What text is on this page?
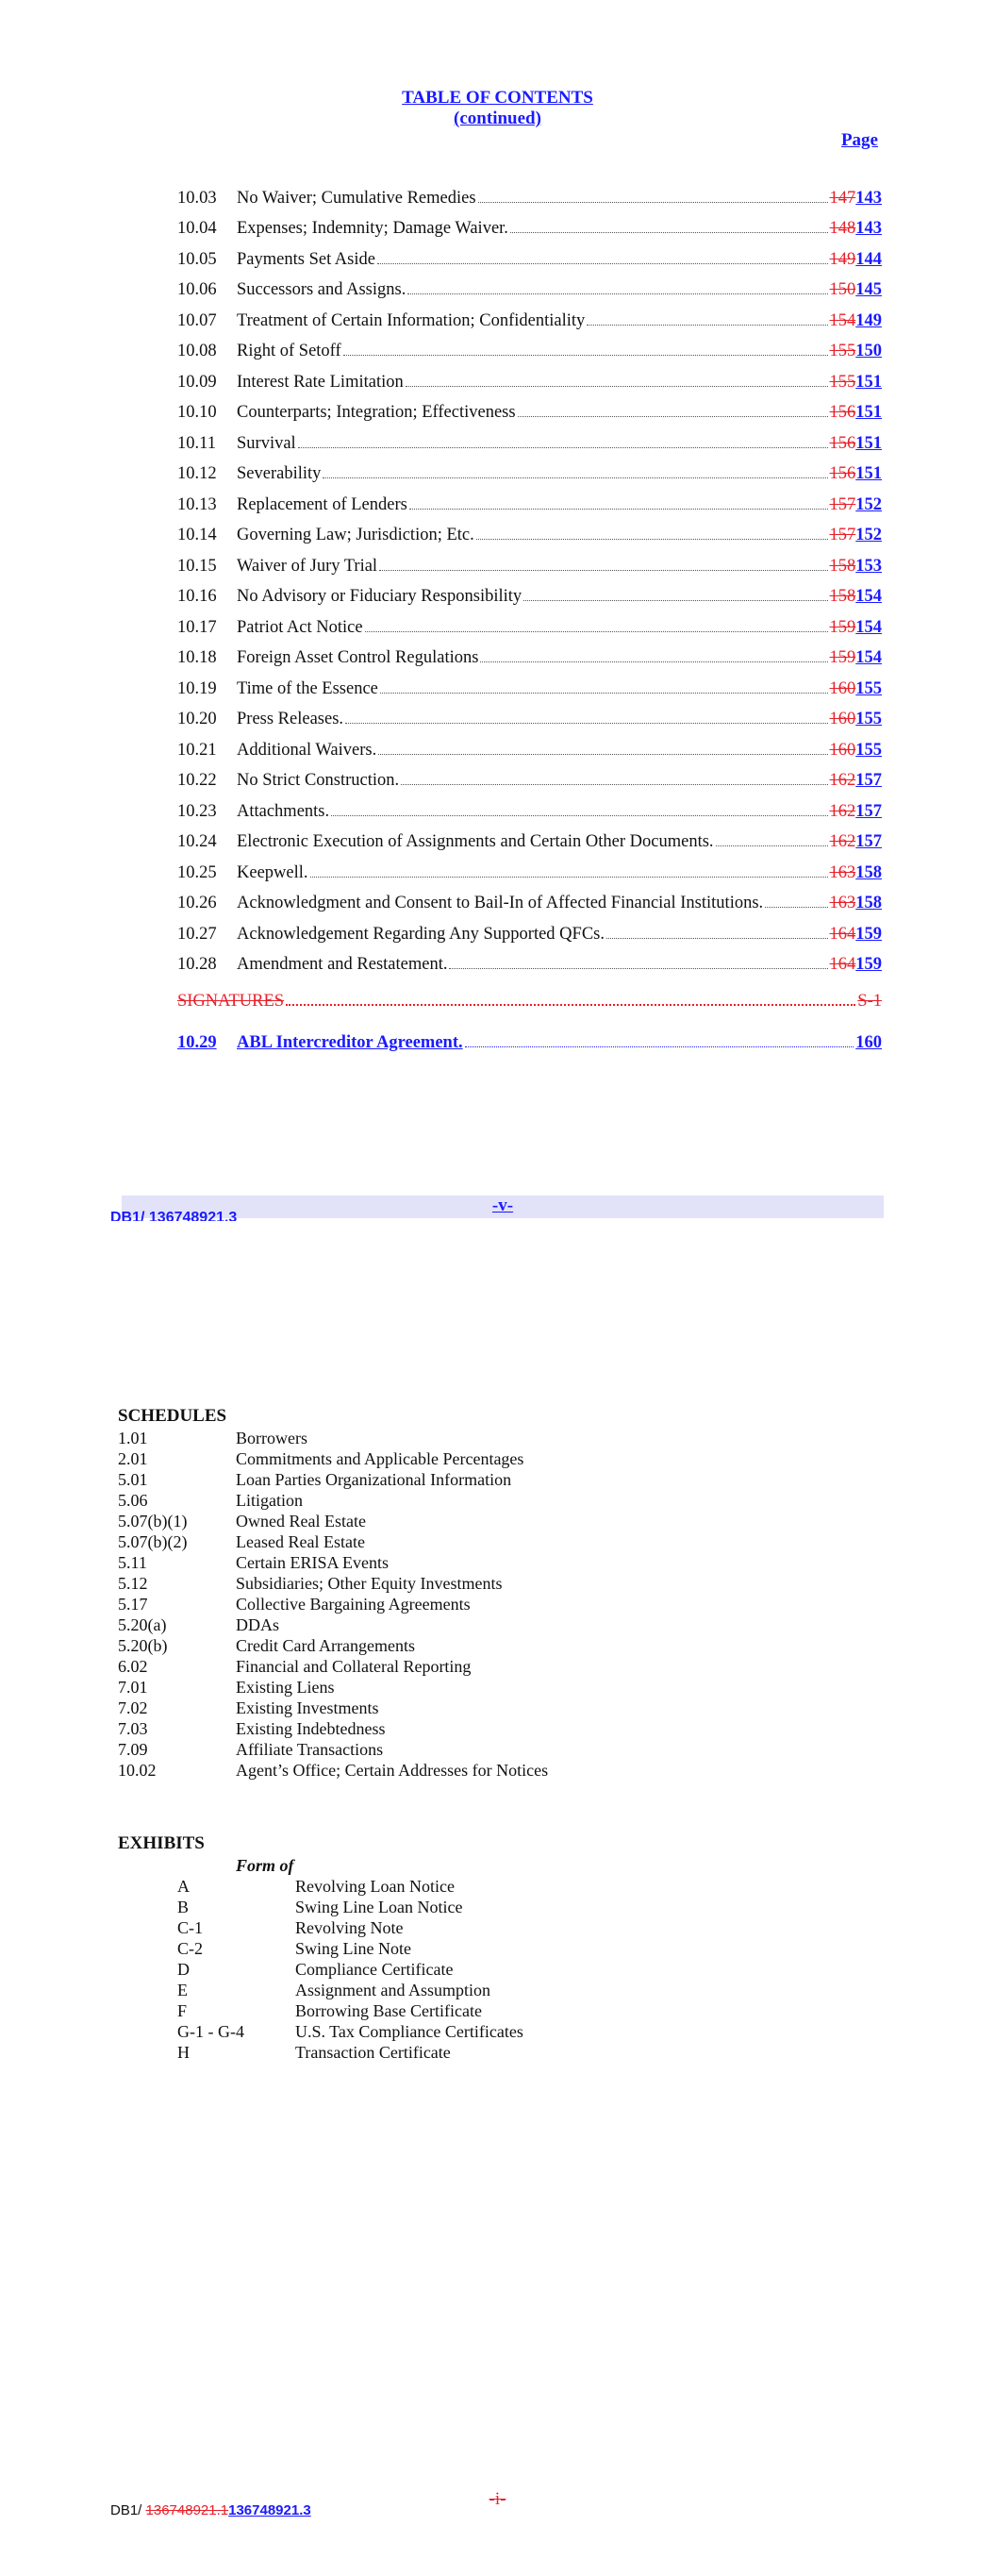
TABLE OF CONTENTS
(continued)
Page
10.03	No Waiver; Cumulative Remedies	147 143
10.04	Expenses; Indemnity; Damage Waiver.	148 143
10.05	Payments Set Aside	149 144
10.06	Successors and Assigns.	150 145
10.07	Treatment of Certain Information; Confidentiality	154 149
10.08	Right of Setoff	155 150
10.09	Interest Rate Limitation	155 151
10.10	Counterparts; Integration; Effectiveness	156 151
10.11	Survival	156 151
10.12	Severability	156 151
10.13	Replacement of Lenders	157 152
10.14	Governing Law; Jurisdiction; Etc.	157 152
10.15	Waiver of Jury Trial	158 153
10.16	No Advisory or Fiduciary Responsibility	158 154
10.17	Patriot Act Notice	159 154
10.18	Foreign Asset Control Regulations	159 154
10.19	Time of the Essence	160 155
10.20	Press Releases.	160 155
10.21	Additional Waivers.	160 155
10.22	No Strict Construction.	162 157
10.23	Attachments.	162 157
10.24	Electronic Execution of Assignments and Certain Other Documents.	162 157
10.25	Keepwell.	163 158
10.26	Acknowledgment and Consent to Bail-In of Affected Financial Institutions.	163 158
10.27	Acknowledgement Regarding Any Supported QFCs.	164 159
10.28	Amendment and Restatement.	164 159
SIGNATURES	S-1
10.29	ABL Intercreditor Agreement.	160
-v-
DB1/ 136748921.3
SCHEDULES
1.01	Borrowers
2.01	Commitments and Applicable Percentages
5.01	Loan Parties Organizational Information
5.06	Litigation
5.07(b)(1)	Owned Real Estate
5.07(b)(2)	Leased Real Estate
5.11	Certain ERISA Events
5.12	Subsidiaries; Other Equity Investments
5.17	Collective Bargaining Agreements
5.20(a)	DDAs
5.20(b)	Credit Card Arrangements
6.02	Financial and Collateral Reporting
7.01	Existing Liens
7.02	Existing Investments
7.03	Existing Indebtedness
7.09	Affiliate Transactions
10.02	Agent’s Office; Certain Addresses for Notices
EXHIBITS
Form of
A	Revolving Loan Notice
B	Swing Line Loan Notice
C-1	Revolving Note
C-2	Swing Line Note
D	Compliance Certificate
E	Assignment and Assumption
F	Borrowing Base Certificate
G-1 - G-4	U.S. Tax Compliance Certificates
H	Transaction Certificate
-i-
DB1/ 136748921.1136748921.3
